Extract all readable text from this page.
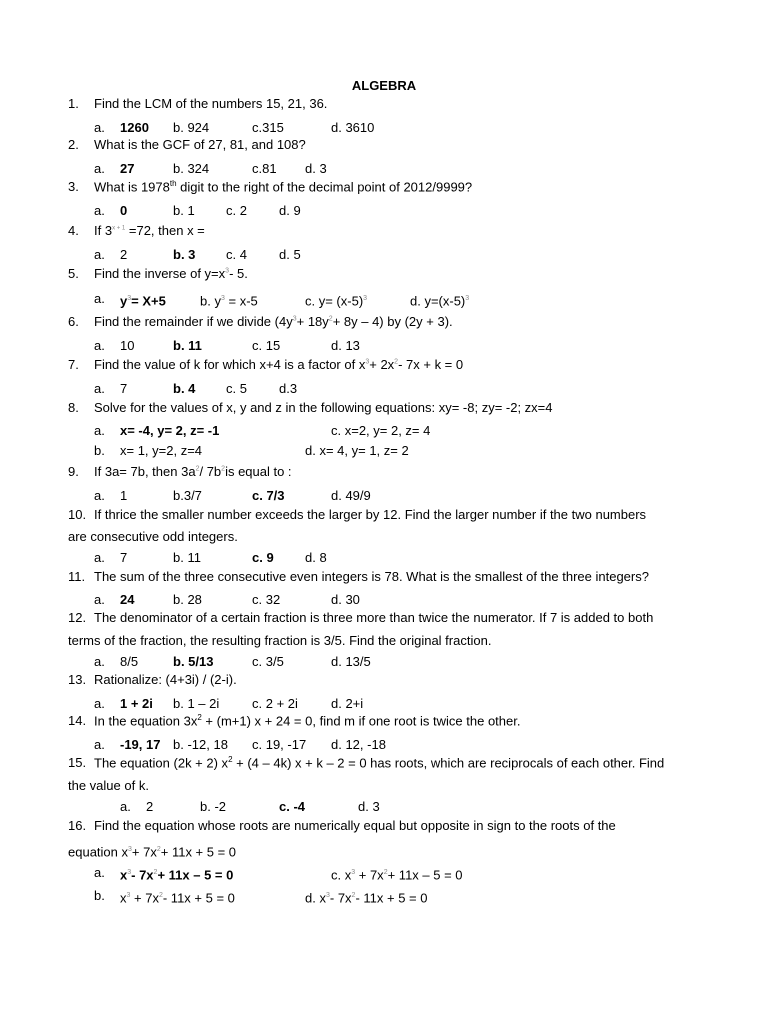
ALGEBRA
1.	Find the LCM of the numbers 15, 21, 36.
a. 1260 b. 924	c.315	d. 3610
2.	What is the GCF of 27, 81, and 108?
a. 27	b. 324	c.81 d. 3
3.	What is 1978th digit to the right of the decimal point of 2012/9999?
a. 0	b. 1 c. 2 d. 9
4.	If $3^{x + 1} =72$, then x =
a. 2	b. 3 c. 4 d. 5
5.	Find the inverse of $y=x^3-$ 5.
a. $y^3= X+5$	b. $y^3 = x-5$	c. $y= (x-5)^3$	d. $y=(x-5)^3$
6.	Find the remainder if we divide $(4y^3+ 18y^2+ 8y - 4)$ by (2y + 3).
a. 10	b. 11	c. 15	d. 13
7.	Find the value of k for which x+4 is a factor of $x^3+ 2x^2-$ 7x + k = 0
a. 7	b. 4 c. 5 d.3
8.	Solve for the values of x, y and z in the following equations: xy= -8; zy= -2; zx=4
a. x= -4, y= 2, z= -1	c. x=2, y= 2, z= 4
b. x= 1, y=2, z=4	d. x= 4, y= 1, z= 2
9.	If 3a= 7b, then $3a^2/$ $7b^2is$ equal to :
a. 1	b.3/7	c. 7/3	d. 49/9
10. If thrice the smaller number exceeds the larger by 12. Find the larger number if the two numbers
are consecutive odd integers.
a. 7	b. 11	c. 9 d. 8
11. The sum of the three consecutive even integers is 78. What is the smallest of the three integers?
a. 24	b. 28	c. 32	d. 30
12. The denominator of a certain fraction is three more than twice the numerator. If 7 is added to both
terms of the fraction, the resulting fraction is 3/5. Find the original fraction.
a. 8/5	b. 5/13	c. 3/5	d. 13/5
13. Rationalize: (4+3i) / (2-i).
a. 1 + 2i b. 1 – 2i	c. 2 + 2i	d. 2+i
14. In the equation $3x^2 + (m+1) x + 24 = 0$, find m if one root is twice the other.
a. -19, 17 b. -12, 18 c. 19, -17 d. 12, -18
15. The equation (2k + 2) $x^2 + (4 - 4k) x + k - 2 = 0$ has roots, which are reciprocals of each other. Find
the value of k.
a. 2	b. -2	c. -4	d. 3
16. Find the equation whose roots are numerically equal but opposite in sign to the roots of the
equation $x^3+ 7x^2+ 11x + 5 = 0$
a. $x^3-$ $7x^2+ 11x - 5 = 0$	c. $x^3 + 7x^2+ 11x - 5 = 0$
b. $x^3 + 7x^2-$ 11x + 5 = 0	d. $x^3-$ $7x^2-$ 11x + 5 = 0
